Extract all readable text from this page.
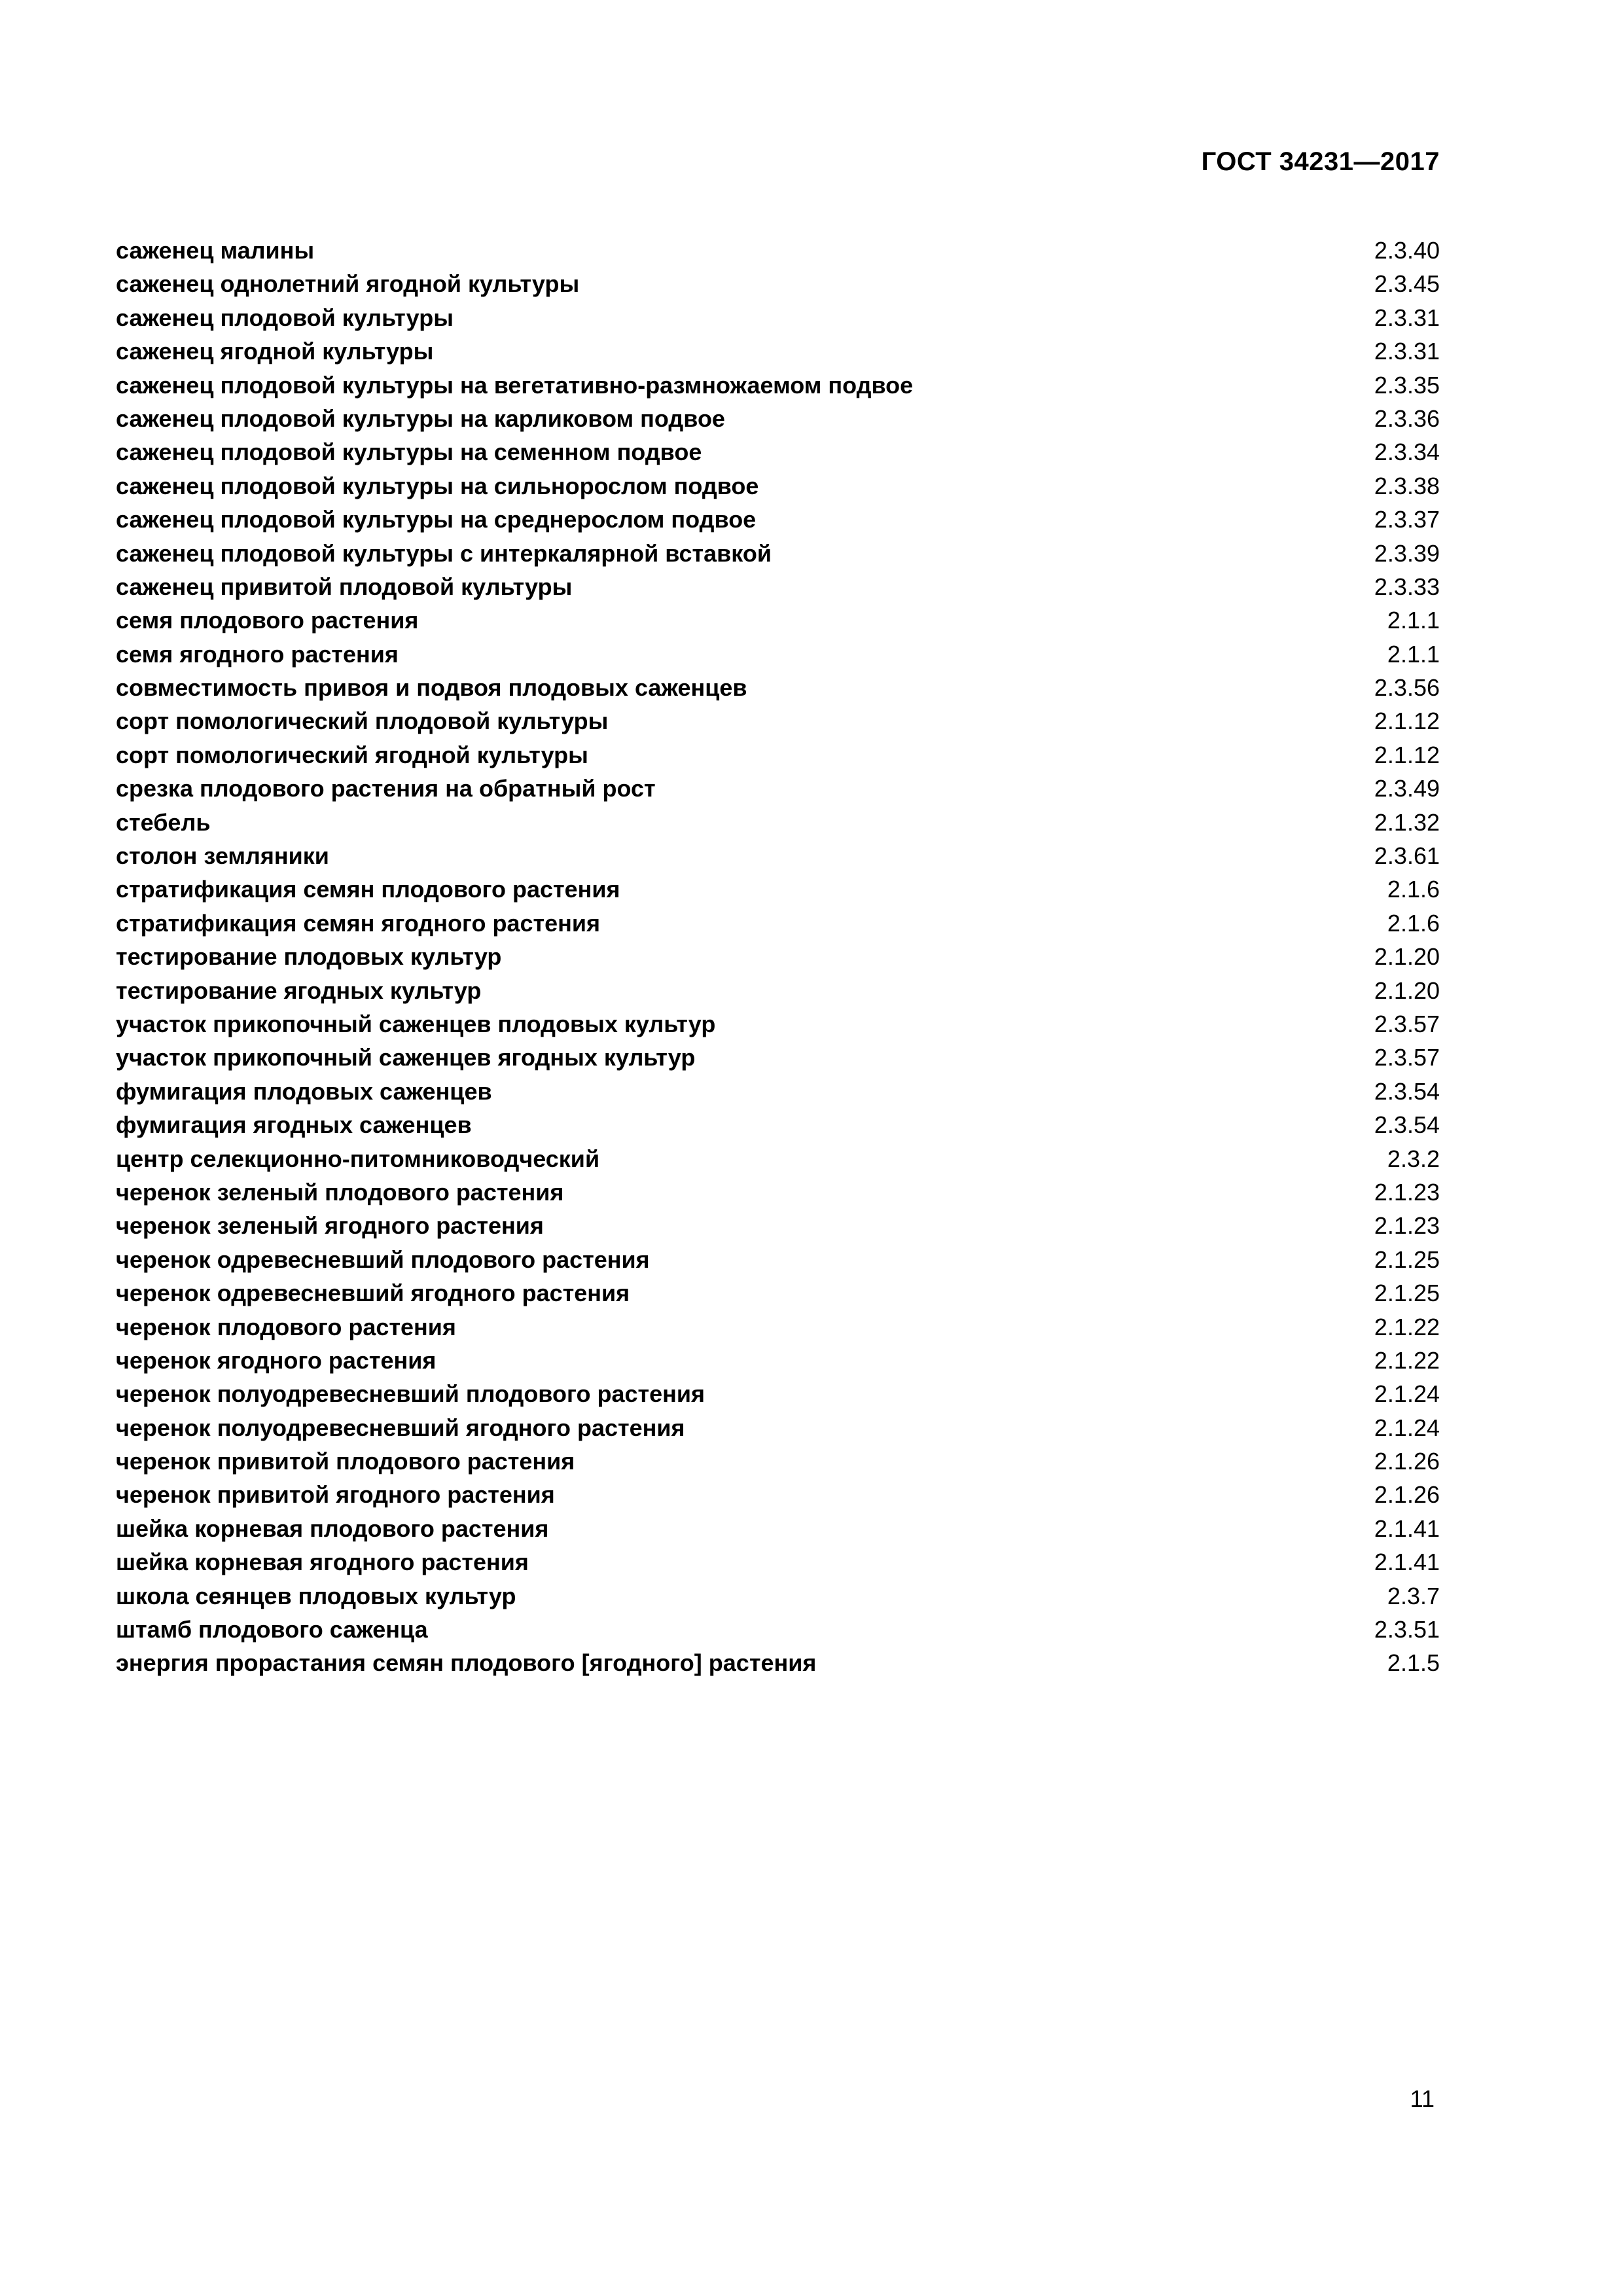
ГОСТ 34231—2017
саженец малины	2.3.40
саженец однолетний ягодной культуры	2.3.45
саженец плодовой культуры	2.3.31
саженец ягодной культуры	2.3.31
саженец плодовой культуры на вегетативно-размножаемом подвое	2.3.35
саженец плодовой культуры на карликовом подвое	2.3.36
саженец плодовой культуры на семенном подвое	2.3.34
саженец плодовой культуры на сильнорослом подвое	2.3.38
саженец плодовой культуры на среднерослом подвое	2.3.37
саженец плодовой культуры с интеркалярной вставкой	2.3.39
саженец привитой плодовой культуры	2.3.33
семя плодового растения	2.1.1
семя ягодного растения	2.1.1
совместимость привоя и подвоя плодовых саженцев	2.3.56
сорт помологический плодовой культуры	2.1.12
сорт помологический ягодной культуры	2.1.12
срезка плодового растения на обратный рост	2.3.49
стебель	2.1.32
столон земляники	2.3.61
стратификация семян плодового растения	2.1.6
стратификация семян ягодного растения	2.1.6
тестирование плодовых культур	2.1.20
тестирование ягодных культур	2.1.20
участок прикопочный саженцев плодовых культур	2.3.57
участок прикопочный саженцев ягодных культур	2.3.57
фумигация плодовых саженцев	2.3.54
фумигация ягодных саженцев	2.3.54
центр селекционно-питомниководческий	2.3.2
черенок зеленый плодового растения	2.1.23
черенок зеленый ягодного растения	2.1.23
черенок одревесневший плодового растения	2.1.25
черенок одревесневший ягодного растения	2.1.25
черенок плодового растения	2.1.22
черенок ягодного растения	2.1.22
черенок полуодревесневший плодового растения	2.1.24
черенок полуодревесневший ягодного растения	2.1.24
черенок привитой плодового растения	2.1.26
черенок привитой ягодного растения	2.1.26
шейка корневая плодового растения	2.1.41
шейка корневая ягодного растения	2.1.41
школа сеянцев плодовых культур	2.3.7
штамб плодового саженца	2.3.51
энергия прорастания семян плодового [ягодного] растения	2.1.5
11
